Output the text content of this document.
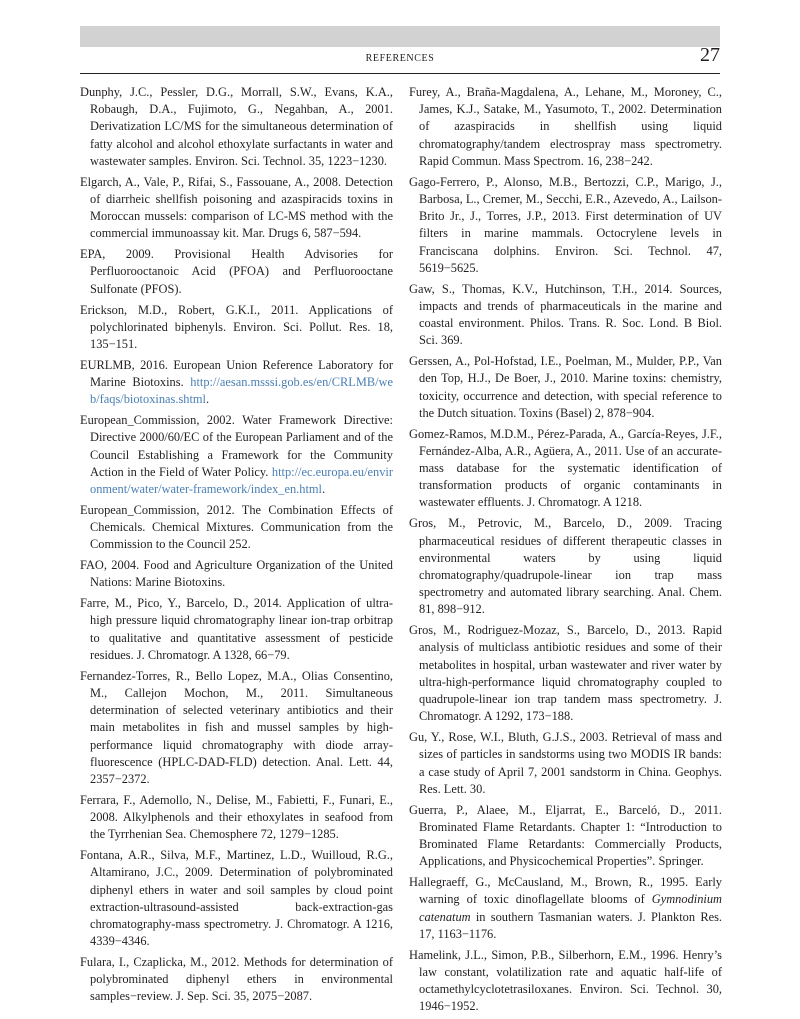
REFERENCES	27

Dunphy, J.C., Pessler, D.G., Morrall, S.W., Evans, K.A., Robaugh, D.A., Fujimoto, G., Negahban, A., 2001. Derivatization LC/MS for the simultaneous determination of fatty alcohol and alcohol ethoxylate surfactants in water and wastewater samples. Environ. Sci. Technol. 35, 1223−1230.

Elgarch, A., Vale, P., Rifai, S., Fassouane, A., 2008. Detection of diarrheic shellfish poisoning and azaspiracids toxins in Moroccan mussels: comparison of LC-MS method with the commercial immunoassay kit. Mar. Drugs 6, 587−594.

EPA, 2009. Provisional Health Advisories for Perfluorooctanoic Acid (PFOA) and Perfluorooctane Sulfonate (PFOS).

Erickson, M.D., Robert, G.K.I., 2011. Applications of polychlorinated biphenyls. Environ. Sci. Pollut. Res. 18, 135−151.

EURLMB, 2016. European Union Reference Laboratory for Marine Biotoxins. http://aesan.msssi.gob.es/en/CRLMB/web/faqs/biotoxinas.shtml.

European_Commission, 2002. Water Framework Directive: Directive 2000/60/EC of the European Parliament and of the Council Establishing a Framework for the Community Action in the Field of Water Policy. http://ec.europa.eu/environment/water/water-framework/index_en.html.

European_Commission, 2012. The Combination Effects of Chemicals. Chemical Mixtures. Communication from the Commission to the Council 252.

FAO, 2004. Food and Agriculture Organization of the United Nations: Marine Biotoxins.

Farre, M., Pico, Y., Barcelo, D., 2014. Application of ultra-high pressure liquid chromatography linear ion-trap orbitrap to qualitative and quantitative assessment of pesticide residues. J. Chromatogr. A 1328, 66−79.

Fernandez-Torres, R., Bello Lopez, M.A., Olias Consentino, M., Callejon Mochon, M., 2011. Simultaneous determination of selected veterinary antibiotics and their main metabolites in fish and mussel samples by high-performance liquid chromatography with diode array-fluorescence (HPLC-DAD-FLD) detection. Anal. Lett. 44, 2357−2372.

Ferrara, F., Ademollo, N., Delise, M., Fabietti, F., Funari, E., 2008. Alkylphenols and their ethoxylates in seafood from the Tyrrhenian Sea. Chemosphere 72, 1279−1285.

Fontana, A.R., Silva, M.F., Martinez, L.D., Wuilloud, R.G., Altamirano, J.C., 2009. Determination of polybrominated diphenyl ethers in water and soil samples by cloud point extraction-ultrasound-assisted back-extraction-gas chromatography-mass spectrometry. J. Chromatogr. A 1216, 4339−4346.

Fulara, I., Czaplicka, M., 2012. Methods for determination of polybrominated diphenyl ethers in environmental samples−review. J. Sep. Sci. 35, 2075−2087.

Furey, A., Braña-Magdalena, A., Lehane, M., Moroney, C., James, K.J., Satake, M., Yasumoto, T., 2002. Determination of azaspiracids in shellfish using liquid chromatography/tandem electrospray mass spectrometry. Rapid Commun. Mass Spectrom. 16, 238−242.

Gago-Ferrero, P., Alonso, M.B., Bertozzi, C.P., Marigo, J., Barbosa, L., Cremer, M., Secchi, E.R., Azevedo, A., Lailson-Brito Jr., J., Torres, J.P., 2013. First determination of UV filters in marine mammals. Octocrylene levels in Franciscana dolphins. Environ. Sci. Technol. 47, 5619−5625.

Gaw, S., Thomas, K.V., Hutchinson, T.H., 2014. Sources, impacts and trends of pharmaceuticals in the marine and coastal environment. Philos. Trans. R. Soc. Lond. B Biol. Sci. 369.

Gerssen, A., Pol-Hofstad, I.E., Poelman, M., Mulder, P.P., Van den Top, H.J., De Boer, J., 2010. Marine toxins: chemistry, toxicity, occurrence and detection, with special reference to the Dutch situation. Toxins (Basel) 2, 878−904.

Gomez-Ramos, M.D.M., Pérez-Parada, A., García-Reyes, J.F., Fernández-Alba, A.R., Agüera, A., 2011. Use of an accurate-mass database for the systematic identification of transformation products of organic contaminants in wastewater effluents. J. Chromatogr. A 1218.

Gros, M., Petrovic, M., Barcelo, D., 2009. Tracing pharmaceutical residues of different therapeutic classes in environmental waters by using liquid chromatography/quadrupole-linear ion trap mass spectrometry and automated library searching. Anal. Chem. 81, 898−912.

Gros, M., Rodriguez-Mozaz, S., Barcelo, D., 2013. Rapid analysis of multiclass antibiotic residues and some of their metabolites in hospital, urban wastewater and river water by ultra-high-performance liquid chromatography coupled to quadrupole-linear ion trap tandem mass spectrometry. J. Chromatogr. A 1292, 173−188.

Gu, Y., Rose, W.I., Bluth, G.J.S., 2003. Retrieval of mass and sizes of particles in sandstorms using two MODIS IR bands: a case study of April 7, 2001 sandstorm in China. Geophys. Res. Lett. 30.

Guerra, P., Alaee, M., Eljarrat, E., Barceló, D., 2011. Brominated Flame Retardants. Chapter 1: “Introduction to Brominated Flame Retardants: Commercially Products, Applications, and Physicochemical Properties”. Springer.

Hallegraeff, G., McCausland, M., Brown, R., 1995. Early warning of toxic dinoflagellate blooms of Gymnodinium catenatum in southern Tasmanian waters. J. Plankton Res. 17, 1163−1176.

Hamelink, J.L., Simon, P.B., Silberhorn, E.M., 1996. Henry’s law constant, volatilization rate and aquatic half-life of octamethylcyclotetrasiloxanes. Environ. Sci. Technol. 30, 1946−1952.
